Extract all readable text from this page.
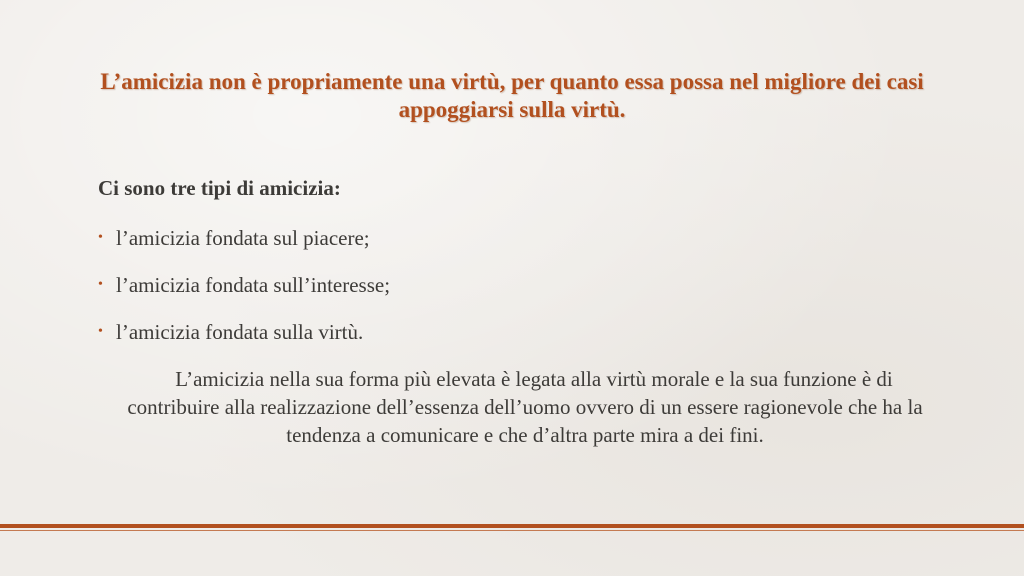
L’amicizia non è propriamente una virtù, per quanto essa possa nel migliore dei casi appoggiarsi sulla virtù.

Ci sono tre tipi di amicizia:

• l’amicizia fondata sul piacere;
• l’amicizia fondata sull’interesse;
• l’amicizia fondata sulla virtù.
L’amicizia nella sua forma più elevata è legata alla virtù morale e la sua funzione è di contribuire alla realizzazione dell’essenza dell’uomo ovvero di un essere ragionevole che ha la tendenza a comunicare e che d’altra parte mira a dei fini.
